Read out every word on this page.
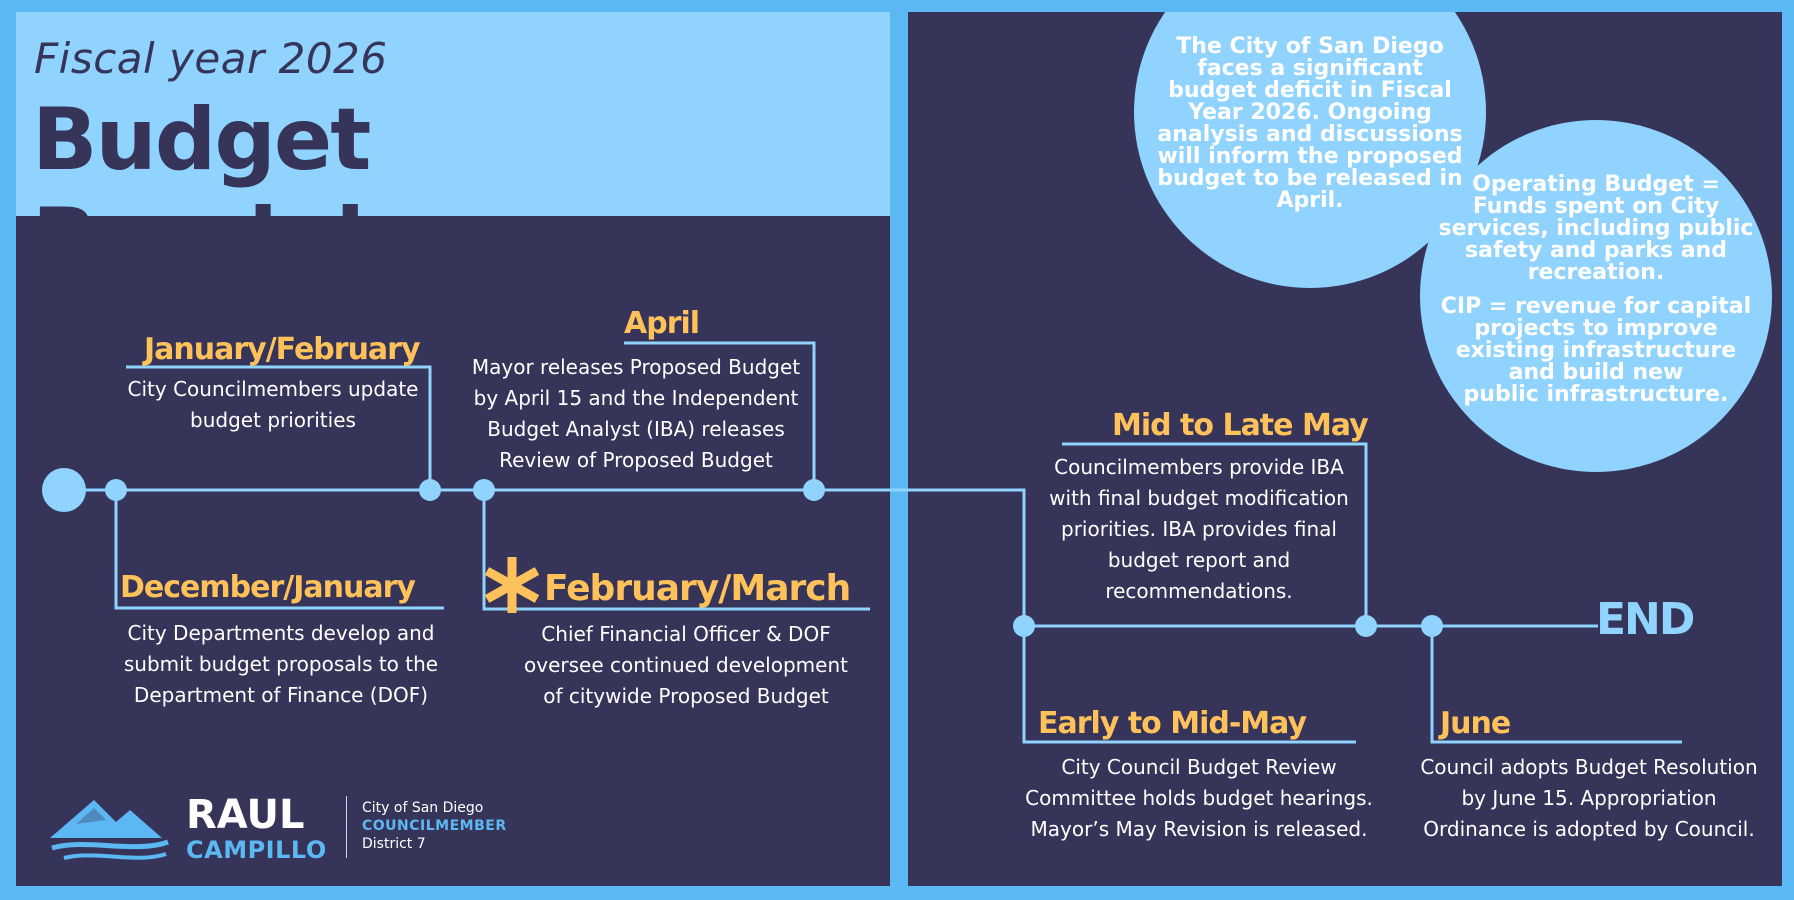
Fiscal year 2026
Budget Breakdown
January/February
City Councilmembers update
budget priorities
December/January
City Departments develop and
submit budget proposals to the
Department of Finance (DOF)
April
Mayor releases Proposed Budget
by April 15 and the Independent
Budget Analyst (IBA) releases
Review of Proposed Budget
February/March
Chief Financial Officer & DOF
oversee continued development
of citywide Proposed Budget
RAUL
CAMPILLO
City of San Diego
COUNCILMEMBER
District 7
The City of San Diego
faces a significant
budget deficit in Fiscal
Year 2026. Ongoing
analysis and discussions
will inform the proposed
budget to be released in
April.
Operating Budget =
Funds spent on City
services, including public
safety and parks and
recreation.
CIP = revenue for capital
projects to improve
existing infrastructure
and build new
public infrastructure.
Mid to Late May
Councilmembers provide IBA
with final budget modification
priorities. IBA provides final
budget report and
recommendations.
END
Early to Mid-May
City Council Budget Review
Committee holds budget hearings.
Mayor’s May Revision is released.
June
Council adopts Budget Resolution
by June 15. Appropriation
Ordinance is adopted by Council.
